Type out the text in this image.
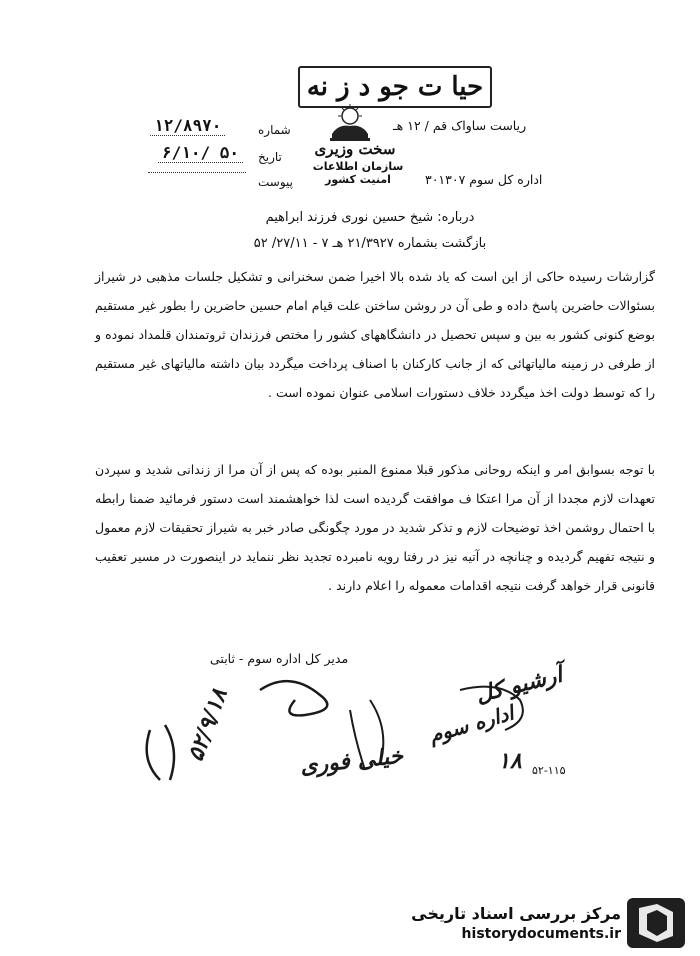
حیا ت جو د ز نه
ریاست ساواک قم / ۱۲ هـ
اداره کل سوم ۳۰۱۳۰۷
سخت وزیری
سازمان اطلاعات امنیت کشور
شماره
۱۲/۸۹۷۰
تاریخ
۶/۱۰/ ۵۰
پیوست
درباره: شیخ حسین نوری فرزند ابراهیم
بازگشت بشماره ۲۱/۳۹۲۷ هـ ۷ - ۲۷/۱۱/ ۵۲
گزارشات رسیده حاکی از این است که یاد شده بالا اخیرا ضمن سخنرانی و تشکیل جلسات مذهبی در شیراز بسئوالات حاضرین پاسخ داده و طی آن در روشن ساختن علت قیام امام حسین حاضرین را بطور غیر مستقیم بوضع کنونی کشور به بین و سپس تحصیل در دانشگاههای کشور را مختص فرزندان ثروتمندان قلمداد نموده و از طرفی در زمینه مالیاتهائی که از جانب کارکنان با اصناف پرداخت میگردد بیان داشته مالیاتهای غیر مستقیم را که توسط دولت اخذ میگردد خلاف دستورات اسلامی عنوان نموده است .
با توجه بسوابق امر و اینکه روحانی مذکور قبلا ممنوع المنبر بوده که پس از آن مرا از زندانی شدید و سپردن تعهدات لازم مجددا از آن مرا اعتکا ف موافقت گردیده است لذا خواهشمند است دستور فرمائید ضمنا رابطه با احتمال روشمن اخذ توضیحات لازم و تذکر شدید در مورد چگونگی صادر خبر به شیراز تحقیقات لازم معمول و نتیجه تفهیم گردیده و چنانچه در آتیه نیز در رفتا رویه نامبرده تجدید نظر ننماید در اینصورت در مسیر تعقیب قانونی قرار خواهد گرفت نتیجه اقدامات معموله را اعلام دارند .
مدیر کل اداره سوم - ثابتی
آرشیو کل
اداره سوم
۱۸
خیلی فوری
۵۲/۹/۱۸
۵۲-۱۱۵
مرکز بررسی اسناد تاریخی
historydocuments.ir
